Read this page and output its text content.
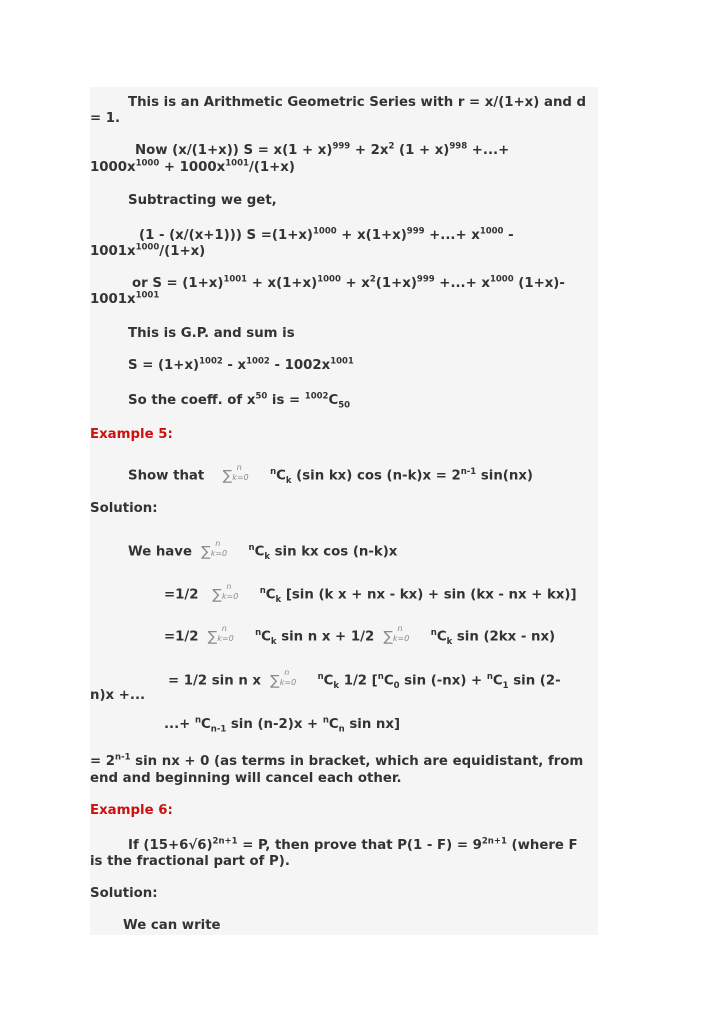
This is an Arithmetic Geometric Series with r = x/(1+x) and d
= 1.
Now (x/(1+x)) $S = x(1 + x)^{999} + 2x^2$ $(1 + x)^{998}$ +...+
$1000x^{1000} + 1000x^{1001}/(1+x)$
Subtracting we get,
(1 - (x/(x+1))) $S =(1+x)^{1000} + x(1+x)^{999}$ +...+ $x^{1000}$ -
$1001x^{1000}/(1+x)$
or $S = (1+x)^{1001} + x(1+x)^{1000} + x^2(1+x)^{999}$ +...+ $x^{1000}$ (1+x)-
$1001x^{1001}$
This is G.P. and sum is
$S = (1+x)^{1002} - x^{1002} - 1002x^{1001}$
So the coeff. of $x^{50}$ is = $^{1002}C_{50}$
Example 5:
Show that
n
∑k=0  $^nC_k$ (sin kx) $\cos (n-k)x = 2^{n-1}$ sin(nx)
Solution:
We have
n
∑k=0  $^nC_k$ sin kx cos (n-k)x
=1/2
n
∑k=0  $^nC_k$ [sin (k x + nx - kx) + sin (kx - nx + kx)]
=1/2
n
∑k=0  $^nC_k$ sin n x + 1/2
n
∑k=0  $^nC_k$ sin (2kx - nx)
= 1/2 sin n x
n
∑k=0  $^nC_k$ 1/2 [$^nC_0$ $\sin (-nx) + ^nC_1$ sin (2-
n)x +...
...+ $^nC_{n-1}$ $\sin (n-2)x + ^nC_n$ sin nx]
= $2^{n-1}$ sin nx + 0 (as terms in bracket, which are equidistant, from
end and beginning will cancel each other.
Example 6:
If $(15+6√6)^{2n+1} = P$, then prove that $P(1 - F) = 9^{2n+1}$ (where F
is the fractional part of P).
Solution:
We can write
